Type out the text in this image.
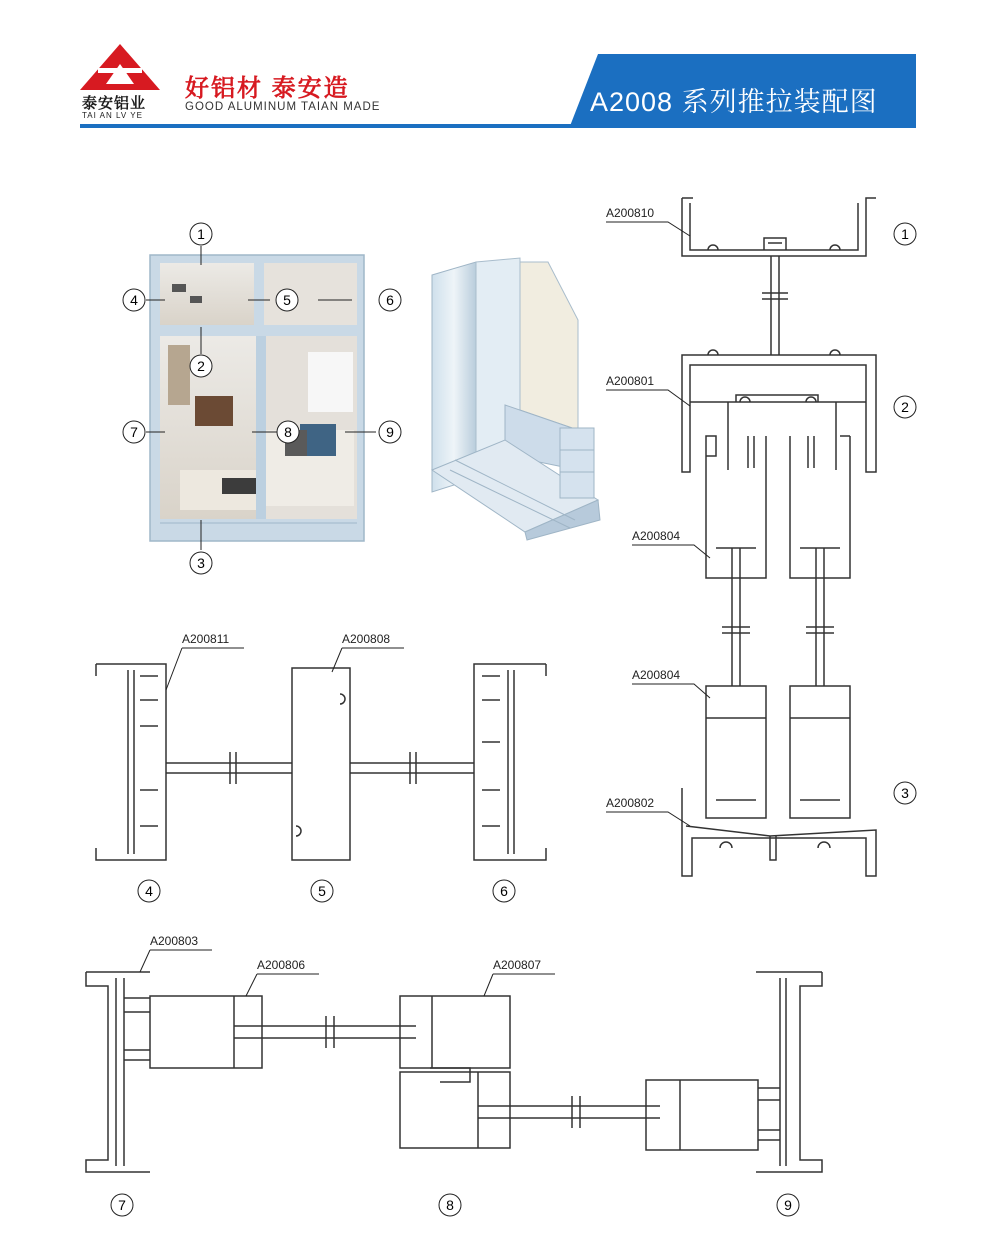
泰安铝业
TAI AN LV YE
好铝材 泰安造
GOOD ALUMINUM TAIAN MADE	A2008 系列推拉装配图
1
4	5	6
2
7	8	9
3
A200810
A200801
A200804
A200804
A200802
A200811	A200808
A200803
A200806	A200807
1
2
3
4	5	6
7	8	9
